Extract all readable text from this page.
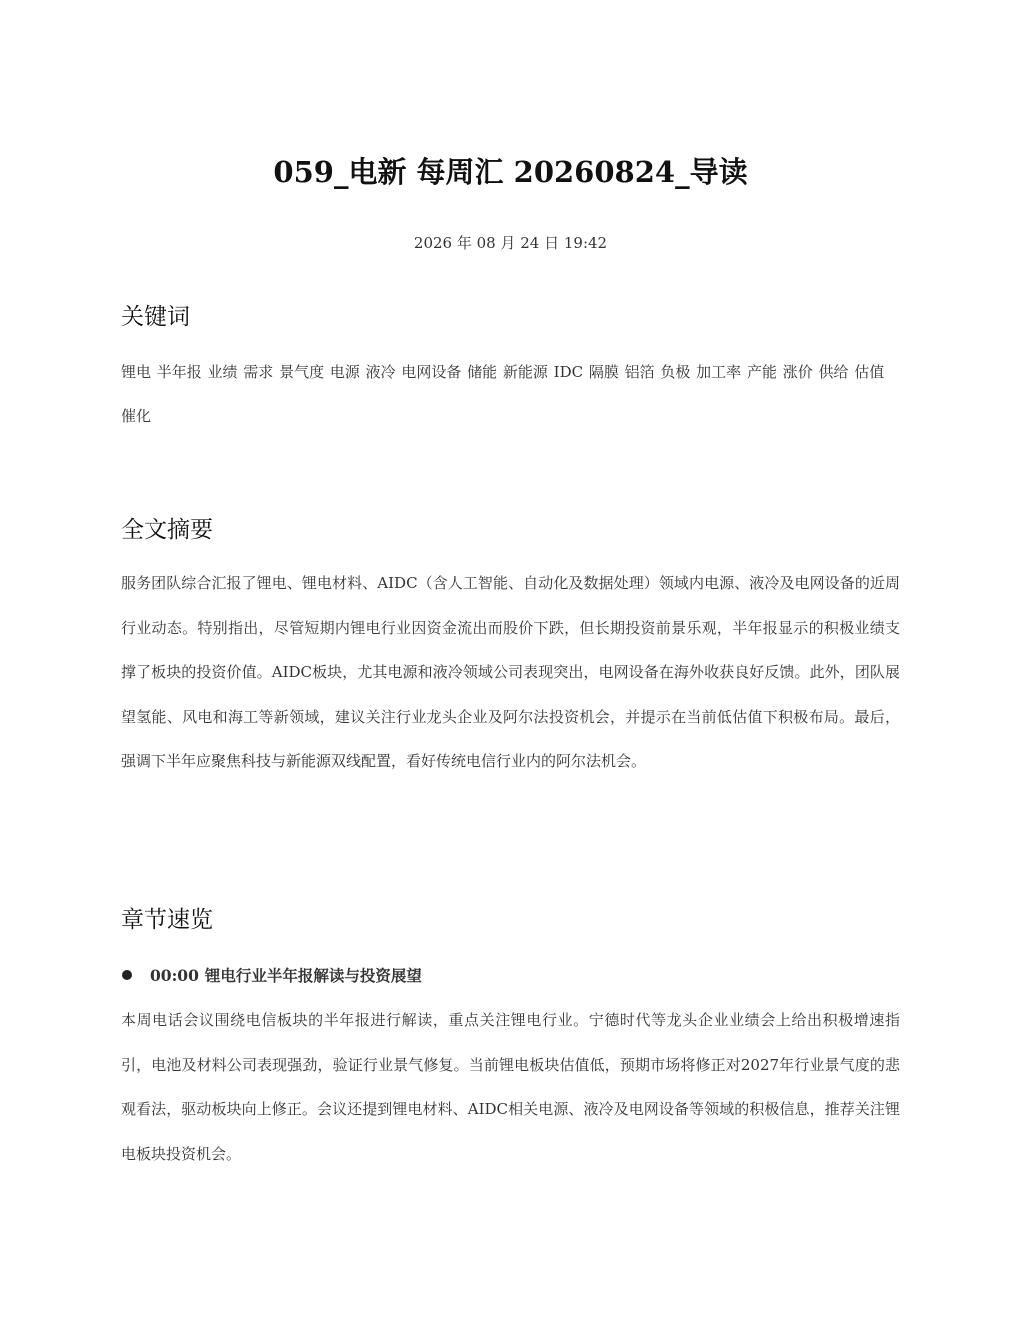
059_电新 每周汇 20260824_导读
2026 年 08 月 24 日 19:42
关键词
锂电 半年报 业绩 需求 景气度 电源 液冷 电网设备 储能 新能源 IDC 隔膜 铝箔 负极 加工率 产能 涨价 供给 估值 催化
全文摘要

服务团队综合汇报了锂电、锂电材料、AIDC（含人工智能、自动化及数据处理）领域内电源、液冷及电网设备的近周行业动态。特别指出，尽管短期内锂电行业因资金流出而股价下跌，但长期投资前景乐观，半年报显示的积极业绩支撑了板块的投资价值。AIDC板块，尤其电源和液冷领域公司表现突出，电网设备在海外收获良好反馈。此外，团队展望氢能、风电和海工等新领域，建议关注行业龙头企业及阿尔法投资机会，并提示在当前低估值下积极布局。最后，强调下半年应聚焦科技与新能源双线配置，看好传统电信行业内的阿尔法机会。

章节速览
00:00 锂电行业半年报解读与投资展望

本周电话会议围绕电信板块的半年报进行解读，重点关注锂电行业。宁德时代等龙头企业业绩会上给出积极增速指引，电池及材料公司表现强劲，验证行业景气修复。当前锂电板块估值低，预期市场将修正对2027年行业景气度的悲观看法，驱动板块向上修正。会议还提到锂电材料、AIDC相关电源、液冷及电网设备等领域的积极信息，推荐关注锂电板块投资机会。
